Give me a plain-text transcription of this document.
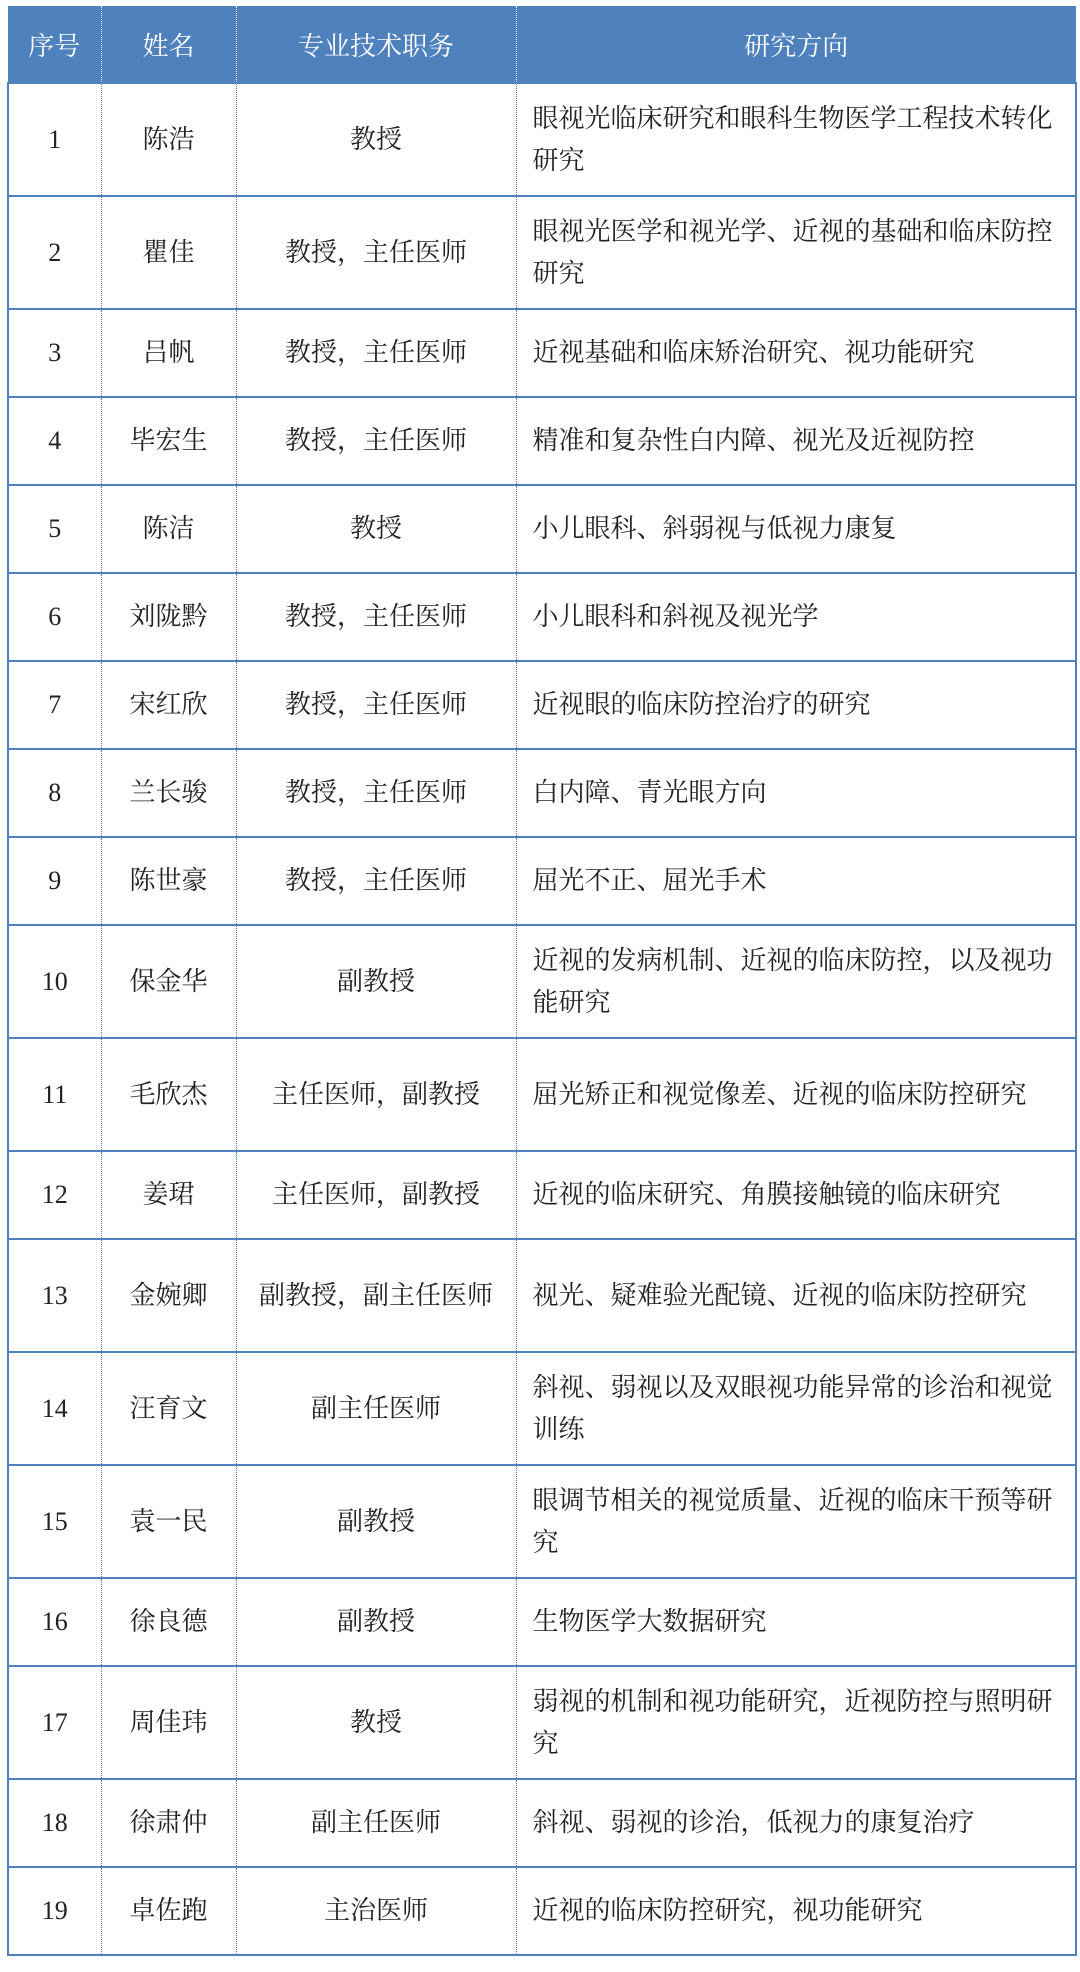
序号	姓名	专业技术职务	研究方向
1	陈浩	教授	眼视光临床研究和眼科生物医学工程技术转化研究
2	瞿佳	教授，主任医师	眼视光医学和视光学、近视的基础和临床防控研究
3	吕帆	教授，主任医师	近视基础和临床矫治研究、视功能研究
4	毕宏生	教授，主任医师	精准和复杂性白内障、视光及近视防控
5	陈洁	教授	小儿眼科、斜弱视与低视力康复
6	刘陇黔	教授，主任医师	小儿眼科和斜视及视光学
7	宋红欣	教授，主任医师	近视眼的临床防控治疗的研究
8	兰长骏	教授，主任医师	白内障、青光眼方向
9	陈世豪	教授，主任医师	屈光不正、屈光手术
10	保金华	副教授	近视的发病机制、近视的临床防控，以及视功能研究
11	毛欣杰	主任医师，副教授	屈光矫正和视觉像差、近视的临床防控研究
12	姜珺	主任医师，副教授	近视的临床研究、角膜接触镜的临床研究
13	金婉卿	副教授，副主任医师	视光、疑难验光配镜、近视的临床防控研究
14	汪育文	副主任医师	斜视、弱视以及双眼视功能异常的诊治和视觉训练
15	袁一民	副教授	眼调节相关的视觉质量、近视的临床干预等研究
16	徐良德	副教授	生物医学大数据研究
17	周佳玮	教授	弱视的机制和视功能研究，近视防控与照明研究
18	徐肃仲	副主任医师	斜视、弱视的诊治，低视力的康复治疗
19	卓佐跑	主治医师	近视的临床防控研究，视功能研究
